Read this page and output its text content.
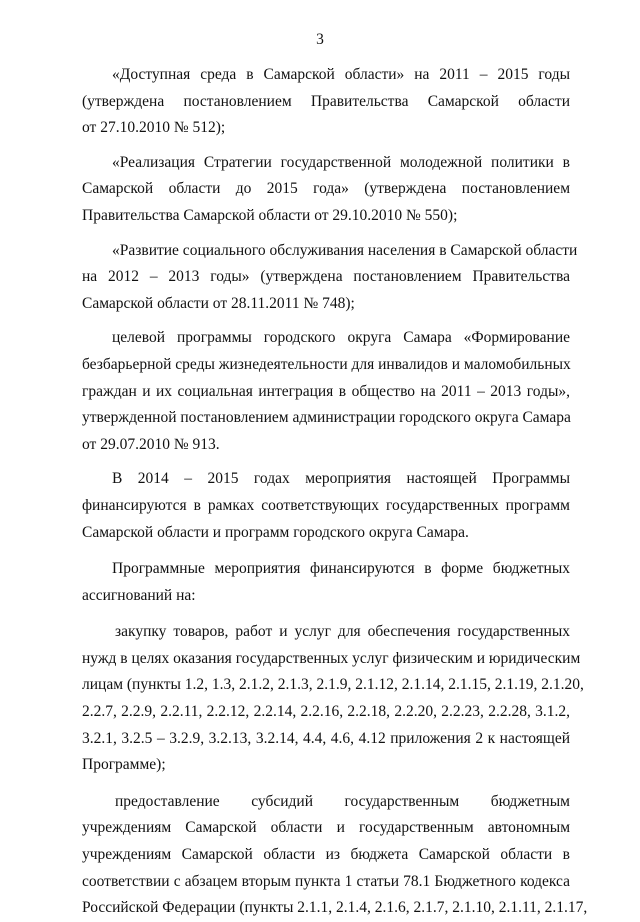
3
«Доступная среда в Самарской области» на 2011 – 2015 годы
(утверждена постановлением Правительства Самарской области
от 27.10.2010 № 512);
«Реализация Стратегии государственной молодежной политики в
Самарской области до 2015 года» (утверждена постановлением
Правительства Самарской области от 29.10.2010 № 550);
«Развитие социального обслуживания населения в Самарской области
на 2012 – 2013 годы» (утверждена постановлением Правительства
Самарской области от 28.11.2011 № 748);
целевой программы городского округа Самара «Формирование
безбарьерной среды жизнедеятельности для инвалидов и маломобильных
граждан и их социальная интеграция в общество на 2011 – 2013 годы»,
утвержденной постановлением администрации городского округа Самара
от 29.07.2010 № 913.
В 2014 – 2015 годах мероприятия настоящей Программы
финансируются в рамках соответствующих государственных программ
Самарской области и программ городского округа Самара.
Программные мероприятия финансируются в форме бюджетных
ассигнований на:
закупку товаров, работ и услуг для обеспечения государственных
нужд в целях оказания государственных услуг физическим и юридическим
лицам (пункты 1.2, 1.3, 2.1.2, 2.1.3, 2.1.9, 2.1.12, 2.1.14, 2.1.15, 2.1.19, 2.1.20,
2.2.7, 2.2.9, 2.2.11, 2.2.12, 2.2.14, 2.2.16, 2.2.18, 2.2.20, 2.2.23, 2.2.28, 3.1.2,
3.2.1, 3.2.5 – 3.2.9, 3.2.13, 3.2.14, 4.4, 4.6, 4.12 приложения 2 к настоящей
Программе);
предоставление субсидий государственным бюджетным
учреждениям Самарской области и государственным автономным
учреждениям Самарской области из бюджета Самарской области в
соответствии с абзацем вторым пункта 1 статьи 78.1 Бюджетного кодекса
Российской Федерации (пункты 2.1.1, 2.1.4, 2.1.6, 2.1.7, 2.1.10, 2.1.11, 2.1.17,
